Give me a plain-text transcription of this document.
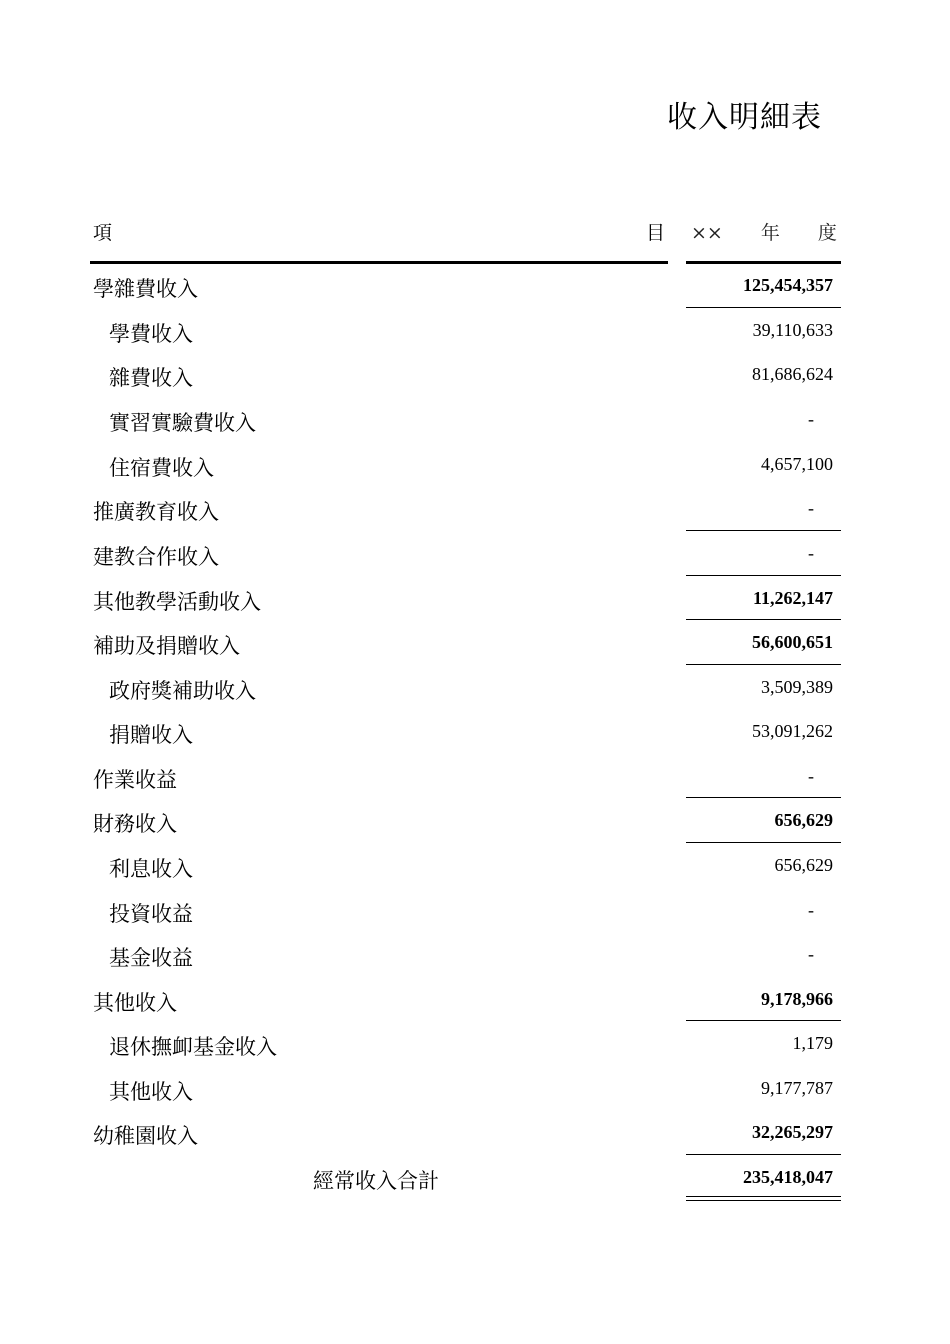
收入明細表
項	目 ××　　年　　度
學雜費收入	125,454,357
學費收入	39,110,633
雜費收入	81,686,624
實習實驗費收入	-
住宿費收入	4,657,100
推廣教育收入	-
建教合作收入	-
其他教學活動收入	11,262,147
補助及捐贈收入	56,600,651
政府獎補助收入	3,509,389
捐贈收入	53,091,262
作業收益	-
財務收入	656,629
利息收入	656,629
投資收益	-
基金收益	-
其他收入	9,178,966
退休撫卹基金收入	1,179
其他收入	9,177,787
幼稚園收入	32,265,297
經常收入合計	235,418,047
